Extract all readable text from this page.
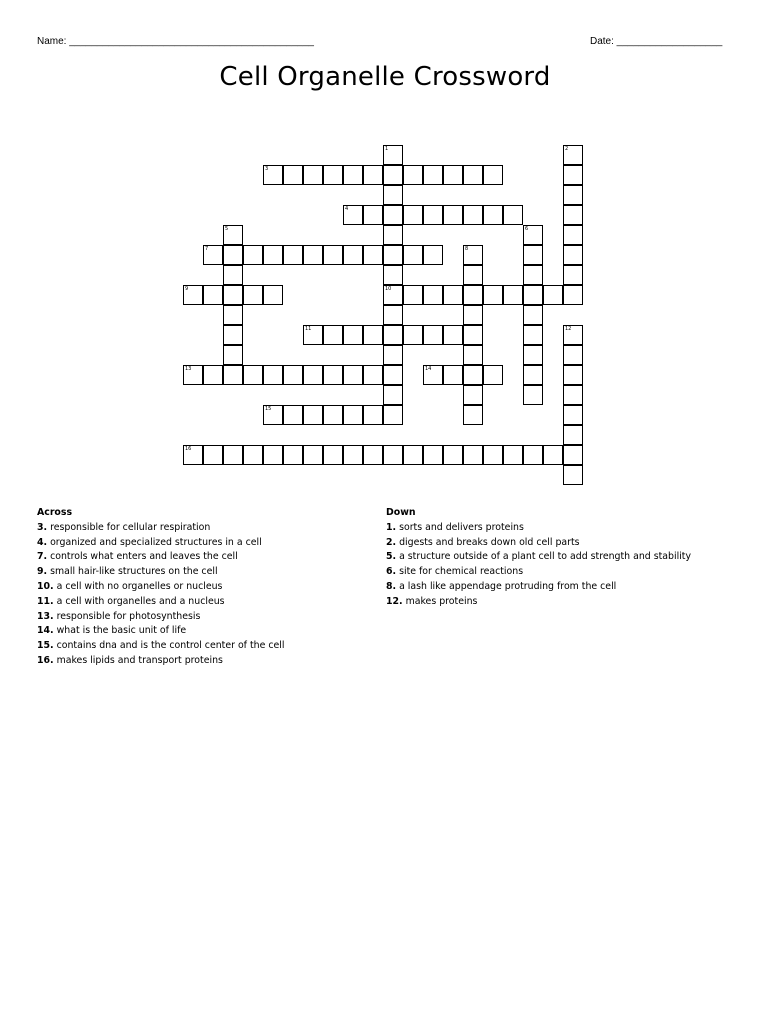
Name: ____________________________________________	Date: ___________________
Cell Organelle Crossword
1
10
2
3
4
5	6
7	8
9
11	12
13	14
15
16
Across
3. responsible for cellular respiration
4. organized and specialized structures in a cell
7. controls what enters and leaves the cell
9. small hair-like structures on the cell
10. a cell with no organelles or nucleus
11. a cell with organelles and a nucleus
13. responsible for photosynthesis
14. what is the basic unit of life
15. contains dna and is the control center of the cell
16. makes lipids and transport proteins
Down
1. sorts and delivers proteins
2. digests and breaks down old cell parts
5. a structure outside of a plant cell to add strength and stability
6. site for chemical reactions
8. a lash like appendage protruding from the cell
12. makes proteins
